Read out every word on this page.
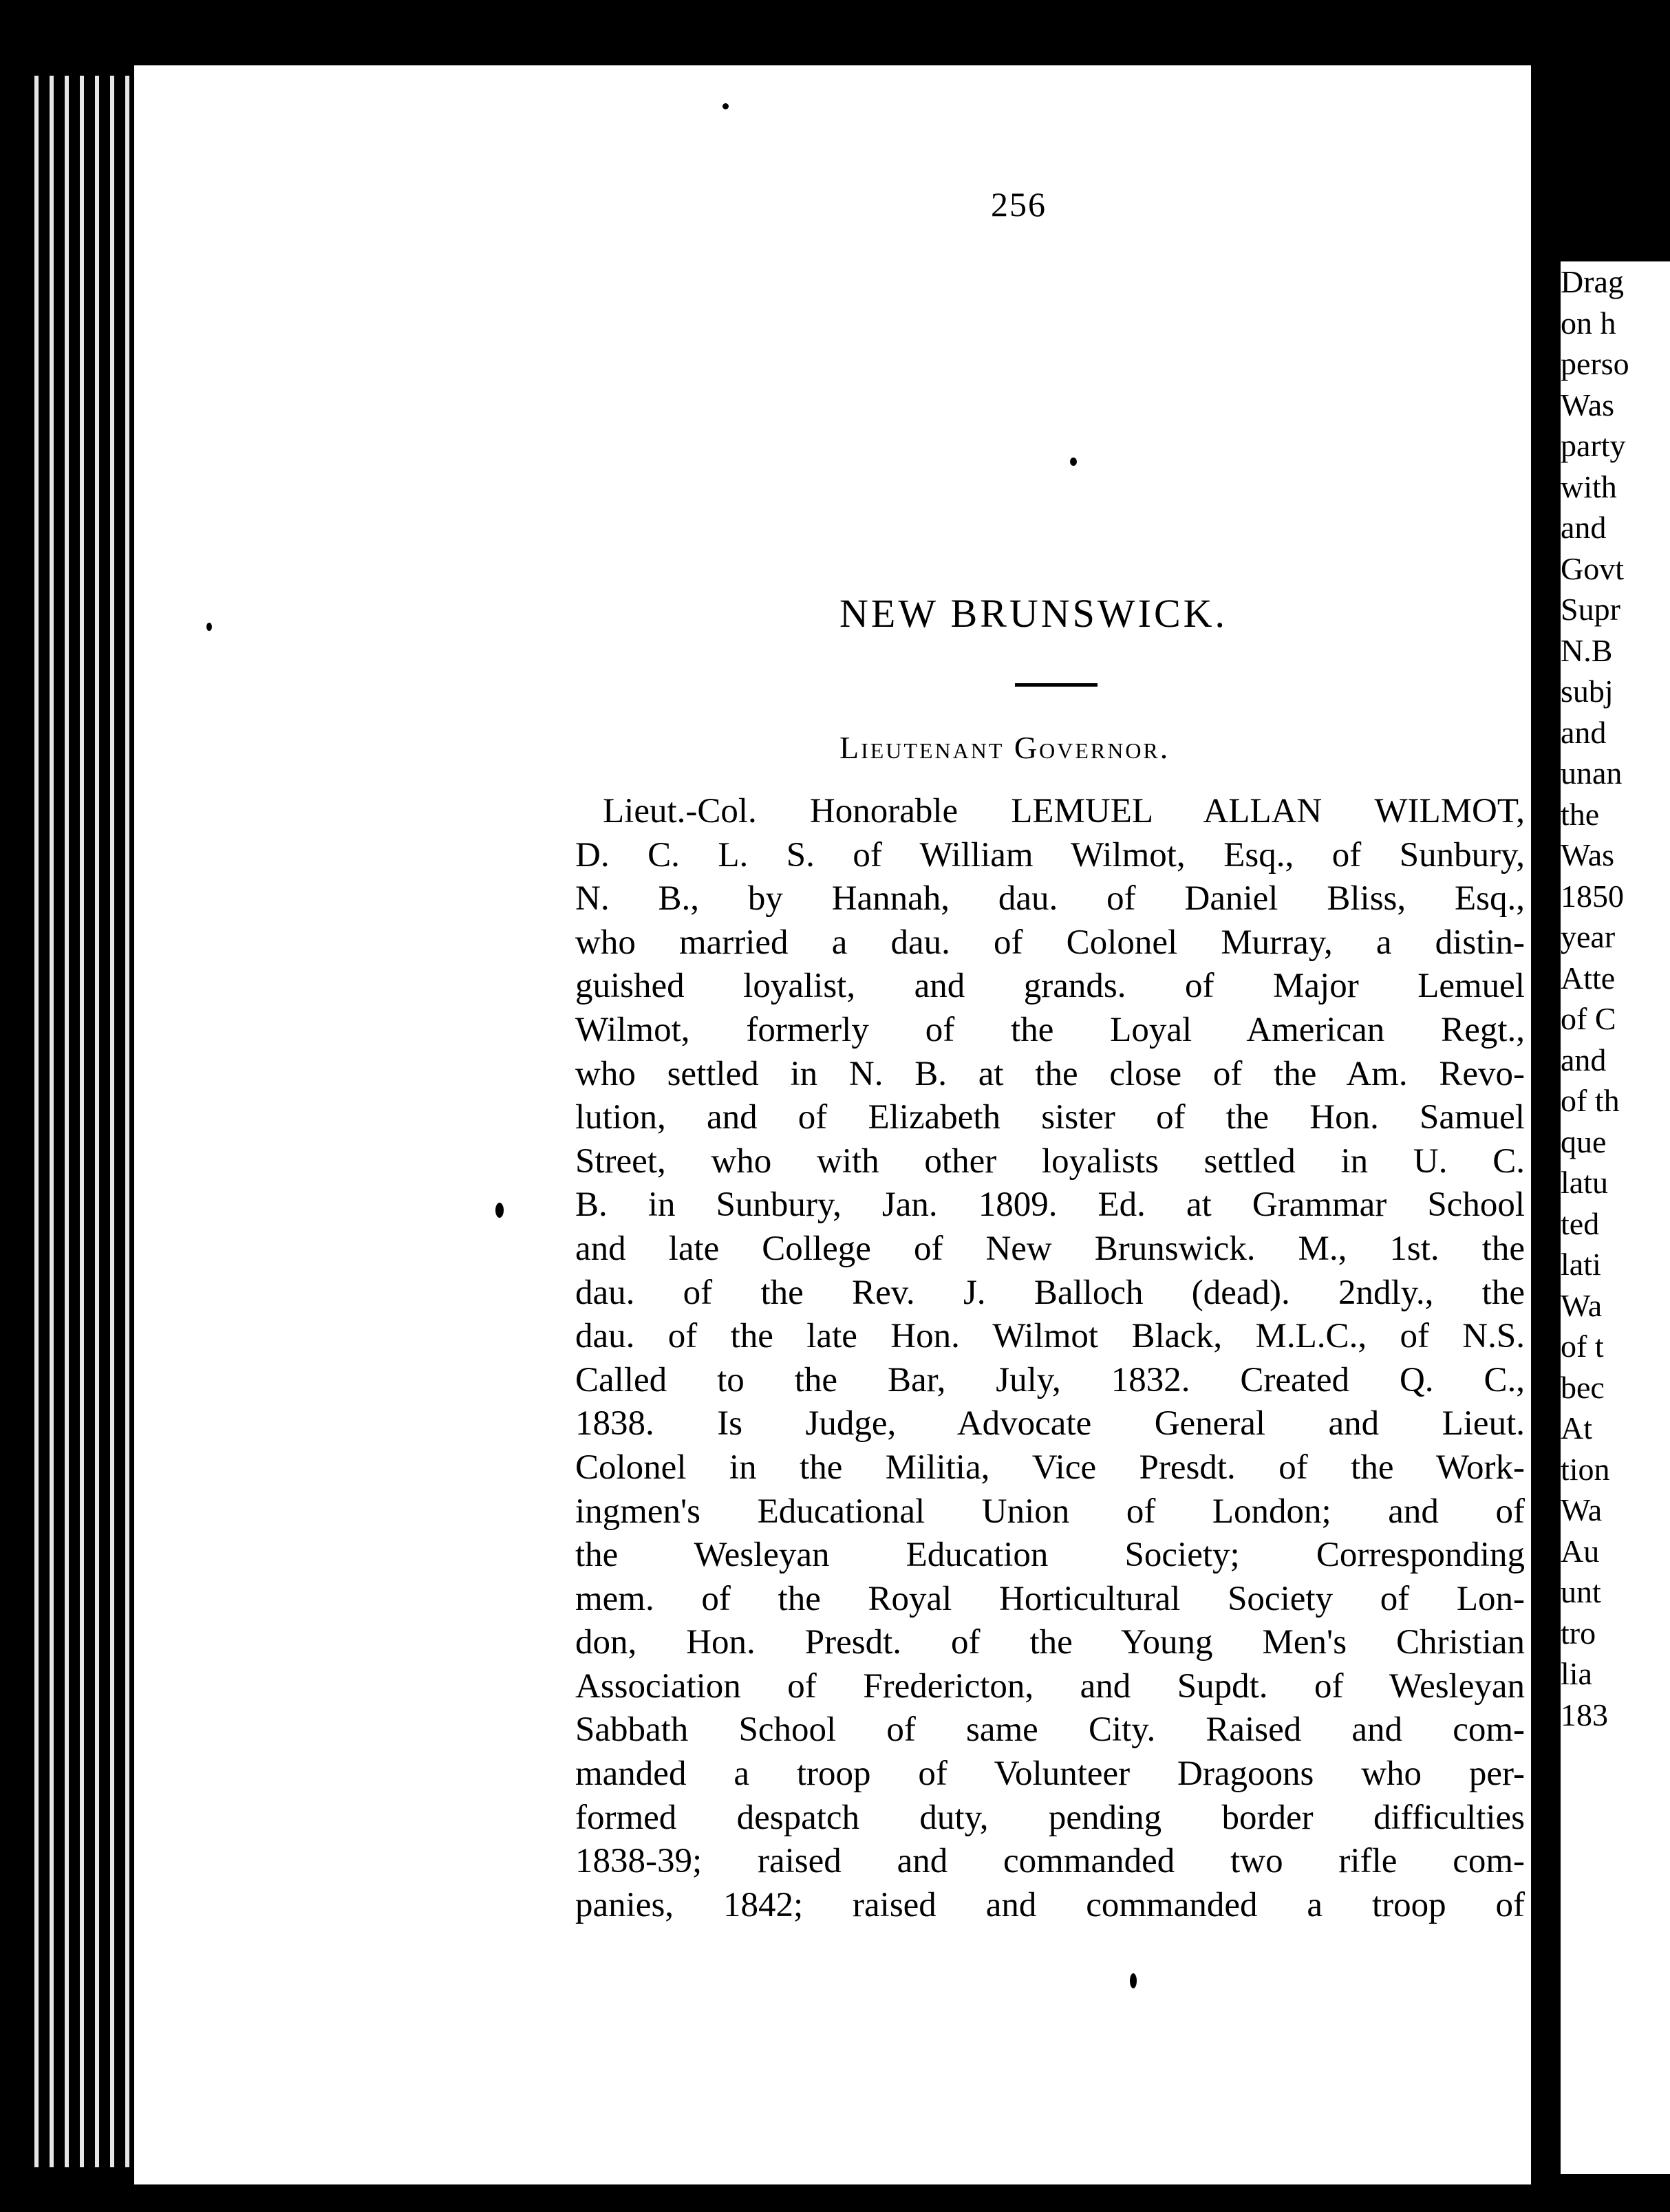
Drag
on h
perso
Was
party
with
and
Govt
Supr
N.B
subj
and
unan
the
Was
1850
year
Atte
of C
and
of th
que
latu
ted
lati
Wa
of t
bec
At
tion
Wa
Au
unt
tro
lia
183
256
NEW BRUNSWICK.
Lieutenant Governor.
Lieut.-Col. Honorable LEMUEL ALLAN WILMOT,
D. C. L. S. of William Wilmot, Esq., of Sunbury,
N. B., by Hannah, dau. of Daniel Bliss, Esq.,
who married a dau. of Colonel Murray, a distin-
guished loyalist, and grands. of Major Lemuel
Wilmot, formerly of the Loyal American Regt.,
who settled in N. B. at the close of the Am. Revo-
lution, and of Elizabeth sister of the Hon. Samuel
Street, who with other loyalists settled in U. C.
B. in Sunbury, Jan. 1809. Ed. at Grammar School
and late College of New Brunswick. M., 1st. the
dau. of the Rev. J. Balloch (dead). 2ndly., the
dau. of the late Hon. Wilmot Black, M.L.C., of N.S.
Called to the Bar, July, 1832. Created Q. C.,
1838. Is Judge, Advocate General and Lieut.
Colonel in the Militia, Vice Presdt. of the Work-
ingmen's Educational Union of London; and of
the Wesleyan Education Society; Corresponding
mem. of the Royal Horticultural Society of Lon-
don, Hon. Presdt. of the Young Men's Christian
Association of Fredericton, and Supdt. of Wesleyan
Sabbath School of same City. Raised and com-
manded a troop of Volunteer Dragoons who per-
formed despatch duty, pending border difficulties
1838-39; raised and commanded two rifle com-
panies, 1842; raised and commanded a troop of
